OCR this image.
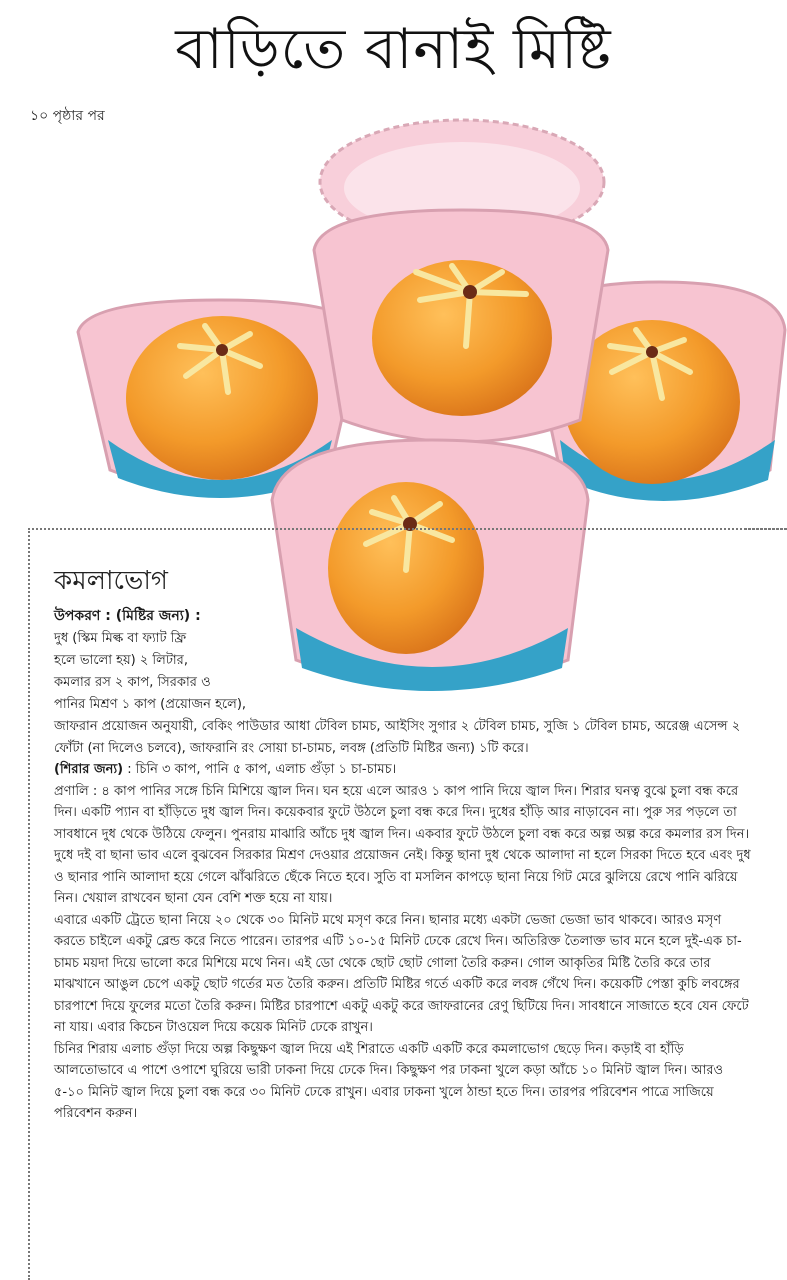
বাড়িতে বানাই মিষ্টি
১০ পৃষ্ঠার পর
কমলাভোগ
উপকরণ : (মিষ্টির জন্য) :
দুধ (স্কিম মিল্ক বা ফ্যাট ফ্রি
হলে ভালো হয়) ২ লিটার,
কমলার রস ২ কাপ, সিরকার ও
পানির মিশ্রণ ১ কাপ (প্রয়োজন হলে),

জাফরান প্রয়োজন অনুযায়ী, বেকিং পাউডার আধা টেবিল চামচ, আইসিং সুগার ২ টেবিল চামচ, সুজি ১ টেবিল চামচ, অরেঞ্জ এসেন্স ২ ফোঁটা (না দিলেও চলবে), জাফরানি রং সোয়া চা-চামচ, লবঙ্গ (প্রতিটি মিষ্টির জন্য) ১টি করে।

(শিরার জন্য) : চিনি ৩ কাপ, পানি ৫ কাপ, এলাচ গুঁড়া ১ চা-চামচ।

প্রণালি : ৪ কাপ পানির সঙ্গে চিনি মিশিয়ে জ্বাল দিন। ঘন হয়ে এলে আরও ১ কাপ পানি দিয়ে জ্বাল দিন। শিরার ঘনত্ব বুঝে চুলা বন্ধ করে দিন। একটি প্যান বা হাঁড়িতে দুধ জ্বাল দিন। কয়েকবার ফুটে উঠলে চুলা বন্ধ করে দিন। দুধের হাঁড়ি আর নাড়াবেন না। পুরু সর পড়লে তা সাবধানে দুধ থেকে উঠিয়ে ফেলুন। পুনরায় মাঝারি আঁচে দুধ জ্বাল দিন। একবার ফুটে উঠলে চুলা বন্ধ করে অল্প অল্প করে কমলার রস দিন। দুধে দই বা ছানা ভাব এলে বুঝবেন সিরকার মিশ্রণ দেওয়ার প্রয়োজন নেই। কিন্তু ছানা দুধ থেকে আলাদা না হলে সিরকা দিতে হবে এবং দুধ ও ছানার পানি আলাদা হয়ে গেলে ঝাঁঝরিতে ছেঁকে নিতে হবে। সুতি বা মসলিন কাপড়ে ছানা নিয়ে গিট মেরে ঝুলিয়ে রেখে পানি ঝরিয়ে নিন। খেয়াল রাখবেন ছানা যেন বেশি শক্ত হয়ে না যায়।

এবারে একটি ট্রেতে ছানা নিয়ে ২০ থেকে ৩০ মিনিট মথে মসৃণ করে নিন। ছানার মধ্যে একটা ভেজা ভেজা ভাব থাকবে। আরও মসৃণ করতে চাইলে একটু ব্লেন্ড করে নিতে পারেন। তারপর এটি ১০-১৫ মিনিট ঢেকে রেখে দিন। অতিরিক্ত তৈলাক্ত ভাব মনে হলে দুই-এক চা-চামচ ময়দা দিয়ে ভালো করে মিশিয়ে মথে নিন। এই ডো থেকে ছোট ছোট গোলা তৈরি করুন। গোল আকৃতির মিষ্টি তৈরি করে তার মাঝখানে আঙুল চেপে একটু ছোট গর্তের মত তৈরি করুন। প্রতিটি মিষ্টির গর্তে একটি করে লবঙ্গ গেঁথে দিন। কয়েকটি পেস্তা কুচি লবঙ্গের চারপাশে দিয়ে ফুলের মতো তৈরি করুন। মিষ্টির চারপাশে একটু একটু করে জাফরানের রেণু ছিটিয়ে দিন। সাবধানে সাজাতে হবে যেন ফেটে না যায়। এবার কিচেন টাওয়েল দিয়ে কয়েক মিনিট ঢেকে রাখুন।

চিনির শিরায় এলাচ গুঁড়া দিয়ে অল্প কিছুক্ষণ জ্বাল দিয়ে এই শিরাতে একটি একটি করে কমলাভোগ ছেড়ে দিন। কড়াই বা হাঁড়ি আলতোভাবে এ পাশে ওপাশে ঘুরিয়ে ভারী ঢাকনা দিয়ে ঢেকে দিন। কিছুক্ষণ পর ঢাকনা খুলে কড়া আঁচে ১০ মিনিট জ্বাল দিন। আরও ৫-১০ মিনিট জ্বাল দিয়ে চুলা বন্ধ করে ৩০ মিনিট ঢেকে রাখুন। এবার ঢাকনা খুলে ঠান্ডা হতে দিন। তারপর পরিবেশন পাত্রে সাজিয়ে পরিবেশন করুন।
